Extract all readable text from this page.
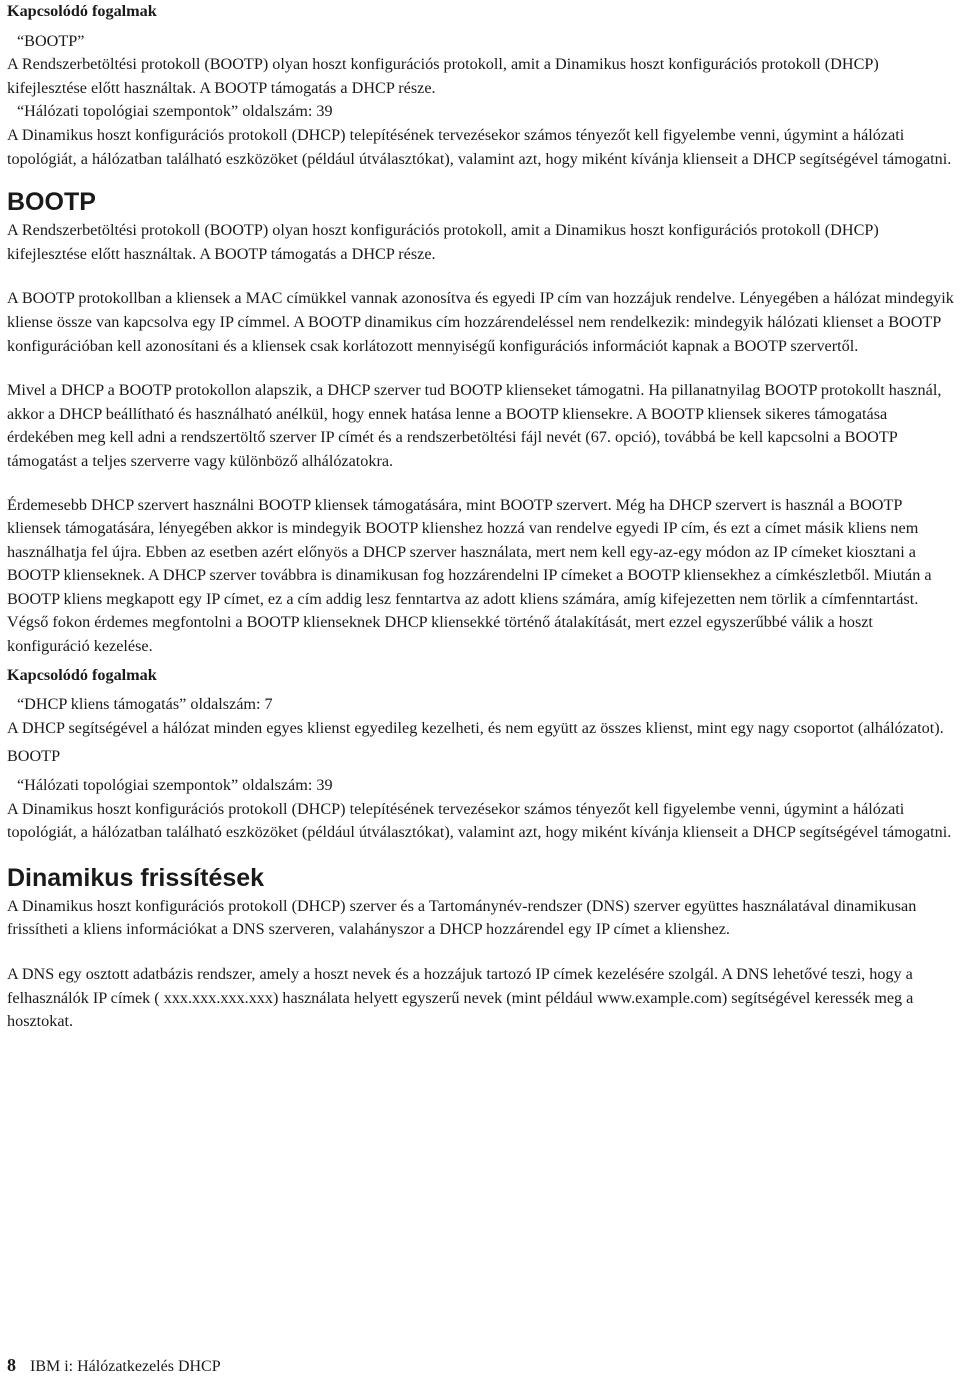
Kapcsolódó fogalmak

“BOOTP”

A Rendszerbetöltési protokoll (BOOTP) olyan hoszt konfigurációs protokoll, amit a Dinamikus hoszt konfigurációs protokoll (DHCP) kifejlesztése előtt használtak. A BOOTP támogatás a DHCP része.

“Hálózati topológiai szempontok” oldalszám: 39

A Dinamikus hoszt konfigurációs protokoll (DHCP) telepítésének tervezésekor számos tényezőt kell figyelembe venni, úgymint a hálózati topológiát, a hálózatban található eszközöket (például útválasztókat), valamint azt, hogy miként kívánja klienseit a DHCP segítségével támogatni.

BOOTP

A Rendszerbetöltési protokoll (BOOTP) olyan hoszt konfigurációs protokoll, amit a Dinamikus hoszt konfigurációs protokoll (DHCP) kifejlesztése előtt használtak. A BOOTP támogatás a DHCP része.

A BOOTP protokollban a kliensek a MAC címükkel vannak azonosítva és egyedi IP cím van hozzájuk rendelve. Lényegében a hálózat mindegyik kliense össze van kapcsolva egy IP címmel. A BOOTP dinamikus cím hozzárendeléssel nem rendelkezik: mindegyik hálózati klienset a BOOTP konfigurációban kell azonosítani és a kliensek csak korlátozott mennyiségű konfigurációs információt kapnak a BOOTP szervertől.

Mivel a DHCP a BOOTP protokollon alapszik, a DHCP szerver tud BOOTP klienseket támogatni. Ha pillanatnyilag BOOTP protokollt használ, akkor a DHCP beállítható és használható anélkül, hogy ennek hatása lenne a BOOTP kliensekre. A BOOTP kliensek sikeres támogatása érdekében meg kell adni a rendszertöltő szerver IP címét és a rendszerbetöltési fájl nevét (67. opció), továbbá be kell kapcsolni a BOOTP támogatást a teljes szerverre vagy különböző alhálózatokra.

Érdemesebb DHCP szervert használni BOOTP kliensek támogatására, mint BOOTP szervert. Még ha DHCP szervert is használ a BOOTP kliensek támogatására, lényegében akkor is mindegyik BOOTP klienshez hozzá van rendelve egyedi IP cím, és ezt a címet másik kliens nem használhatja fel újra. Ebben az esetben azért előnyös a DHCP szerver használata, mert nem kell egy-az-egy módon az IP címeket kiosztani a BOOTP klienseknek. A DHCP szerver továbbra is dinamikusan fog hozzárendelni IP címeket a BOOTP kliensekhez a címkészletből. Miután a BOOTP kliens megkapott egy IP címet, ez a cím addig lesz fenntartva az adott kliens számára, amíg kifejezetten nem törlik a címfenntartást. Végső fokon érdemes megfontolni a BOOTP klienseknek DHCP kliensekké történő átalakítását, mert ezzel egyszerűbbé válik a hoszt konfiguráció kezelése.

Kapcsolódó fogalmak

“DHCP kliens támogatás” oldalszám: 7

A DHCP segítségével a hálózat minden egyes klienst egyedileg kezelheti, és nem együtt az összes klienst, mint egy nagy csoportot (alhálózatot).

BOOTP

“Hálózati topológiai szempontok” oldalszám: 39

A Dinamikus hoszt konfigurációs protokoll (DHCP) telepítésének tervezésekor számos tényezőt kell figyelembe venni, úgymint a hálózati topológiát, a hálózatban található eszközöket (például útválasztókat), valamint azt, hogy miként kívánja klienseit a DHCP segítségével támogatni.

Dinamikus frissítések

A Dinamikus hoszt konfigurációs protokoll (DHCP) szerver és a Tartománynév-rendszer (DNS) szerver együttes használatával dinamikusan frissítheti a kliens információkat a DNS szerveren, valahányszor a DHCP hozzárendel egy IP címet a klienshez.

A DNS egy osztott adatbázis rendszer, amely a hoszt nevek és a hozzájuk tartozó IP címek kezelésére szolgál. A DNS lehetővé teszi, hogy a felhasználók IP címek ( xxx.xxx.xxx.xxx) használata helyett egyszerű nevek (mint például www.example.com) segítségével keressék meg a hosztokat.

8 IBM i: Hálózatkezelés DHCP
